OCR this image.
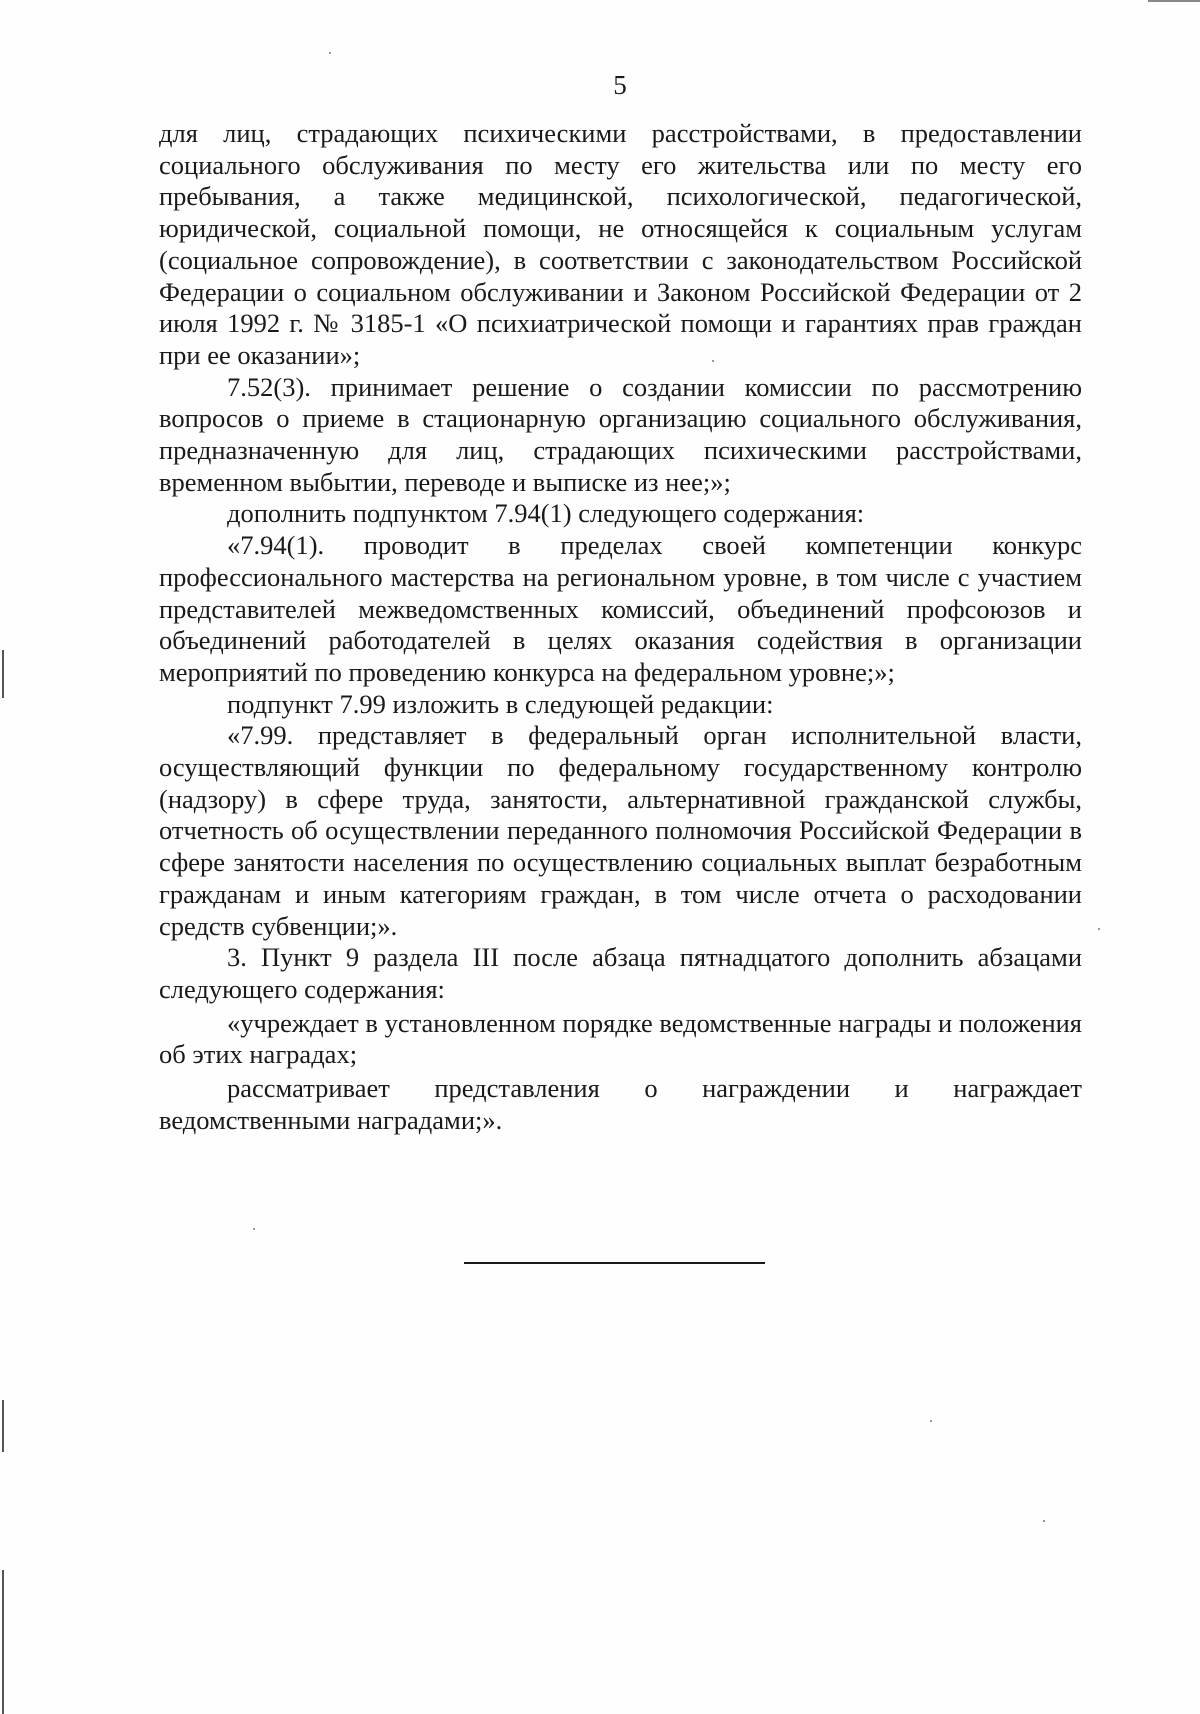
5

для лиц, страдающих психическими расстройствами, в предоставлении социального обслуживания по месту его жительства или по месту его пребывания, а также медицинской, психологической, педагогической, юридической, социальной помощи, не относящейся к социальным услугам (социальное сопровождение), в соответствии с законодательством Российской Федерации о социальном обслуживании и Законом Российской Федерации от 2 июля 1992 г. № 3185-1 «О психиатрической помощи и гарантиях прав граждан при ее оказании»;

7.52(3). принимает решение о создании комиссии по рассмотрению вопросов о приеме в стационарную организацию социального обслуживания, предназначенную для лиц, страдающих психическими расстройствами, временном выбытии, переводе и выписке из нее;»;

дополнить подпунктом 7.94(1) следующего содержания:

«7.94(1). проводит в пределах своей компетенции конкурс профессионального мастерства на региональном уровне, в том числе с участием представителей межведомственных комиссий, объединений профсоюзов и объединений работодателей в целях оказания содействия в организации мероприятий по проведению конкурса на федеральном уровне;»;

подпункт 7.99 изложить в следующей редакции:

«7.99. представляет в федеральный орган исполнительной власти, осуществляющий функции по федеральному государственному контролю (надзору) в сфере труда, занятости, альтернативной гражданской службы, отчетность об осуществлении переданного полномочия Российской Федерации в сфере занятости населения по осуществлению социальных выплат безработным гражданам и иным категориям граждан, в том числе отчета о расходовании средств субвенции;».

3. Пункт 9 раздела III после абзаца пятнадцатого дополнить абзацами следующего содержания:

«учреждает в установленном порядке ведомственные награды и положения об этих наградах;

рассматривает представления о награждении и награждает ведомственными наградами;».
